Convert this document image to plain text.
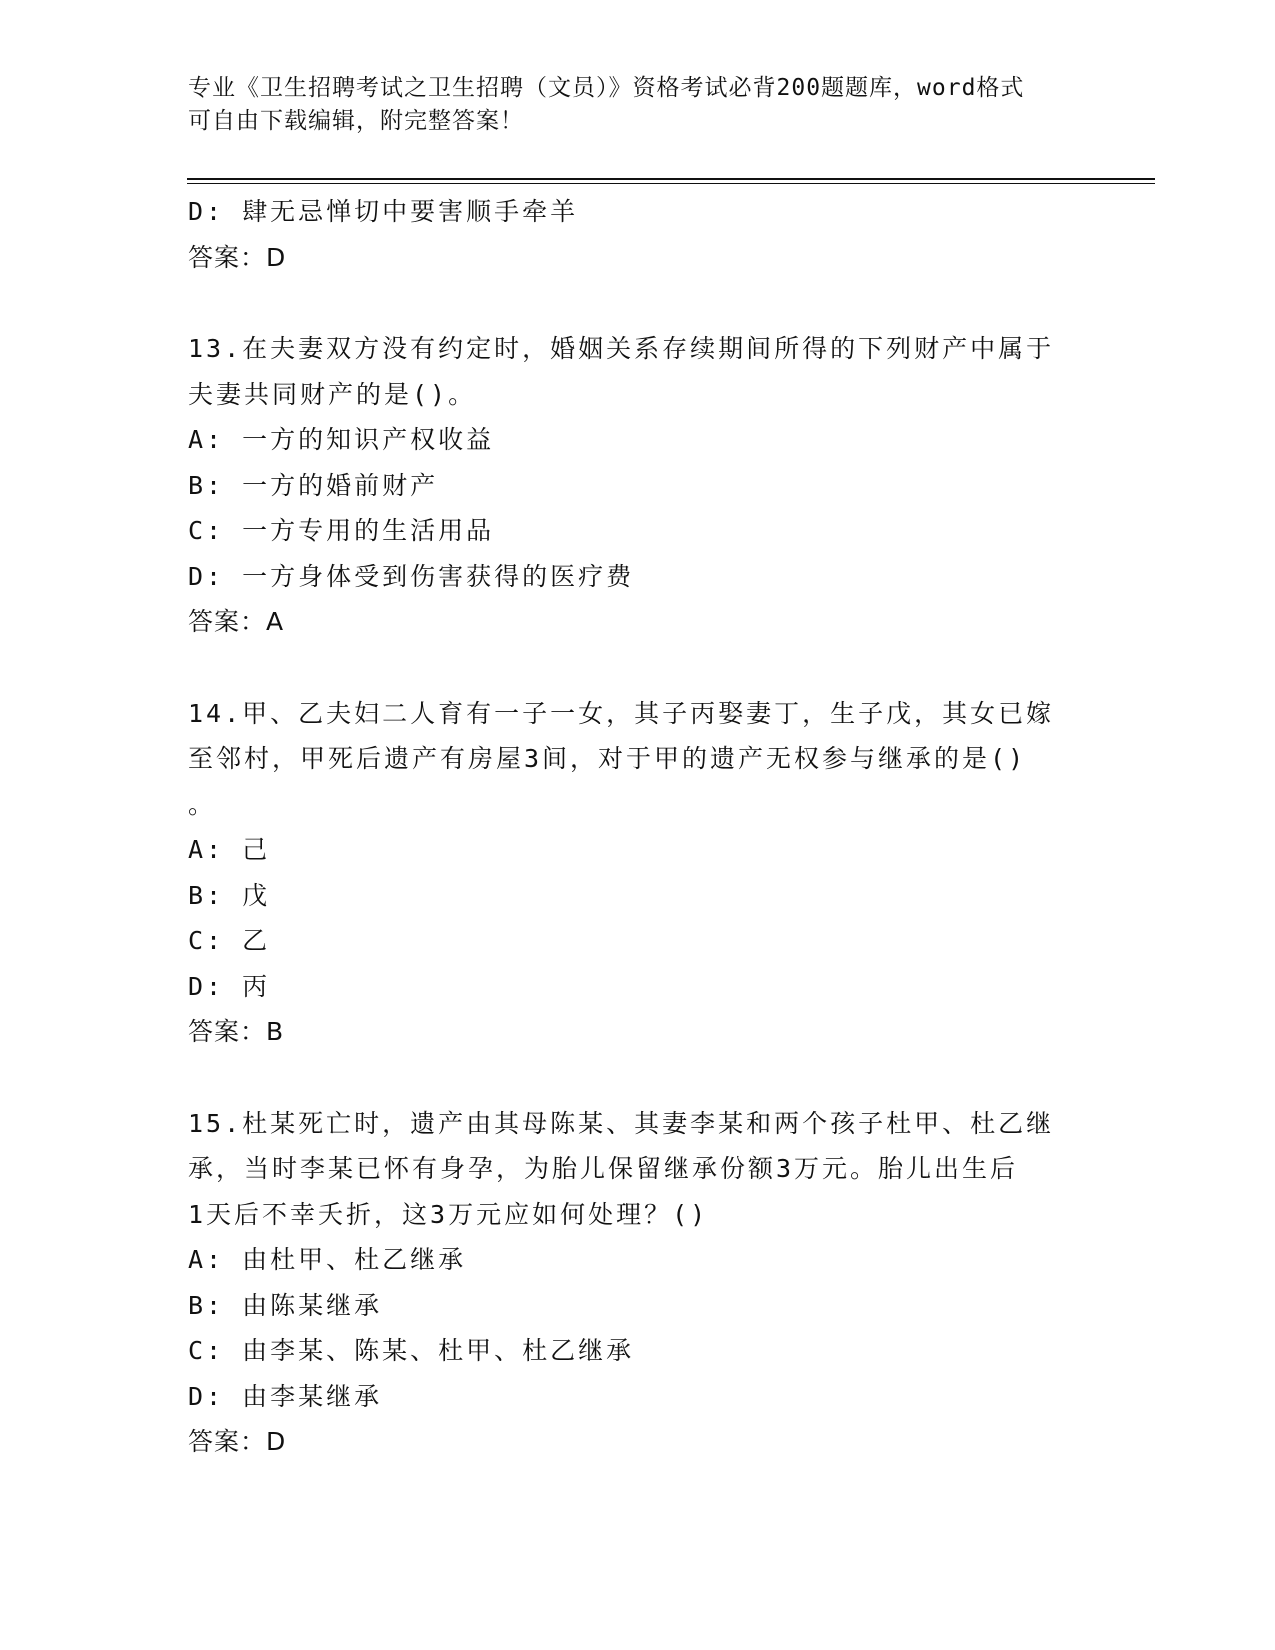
专业《卫生招聘考试之卫生招聘（文员）》资格考试必背200题题库，word格式
可自由下载编辑，附完整答案！
D: 肆无忌惮切中要害顺手牵羊
答案：D
13.在夫妻双方没有约定时，婚姻关系存续期间所得的下列财产中属于
夫妻共同财产的是()。
A: 一方的知识产权收益
B: 一方的婚前财产
C: 一方专用的生活用品
D: 一方身体受到伤害获得的医疗费
答案：A
14.甲、乙夫妇二人育有一子一女，其子丙娶妻丁，生子戊，其女已嫁
至邻村，甲死后遗产有房屋3间，对于甲的遗产无权参与继承的是()
。
A: 己
B: 戊
C: 乙
D: 丙
答案：B
15.杜某死亡时，遗产由其母陈某、其妻李某和两个孩子杜甲、杜乙继
承，当时李某已怀有身孕，为胎儿保留继承份额3万元。胎儿出生后
1天后不幸夭折，这3万元应如何处理？()
A: 由杜甲、杜乙继承
B: 由陈某继承
C: 由李某、陈某、杜甲、杜乙继承
D: 由李某继承
答案：D
